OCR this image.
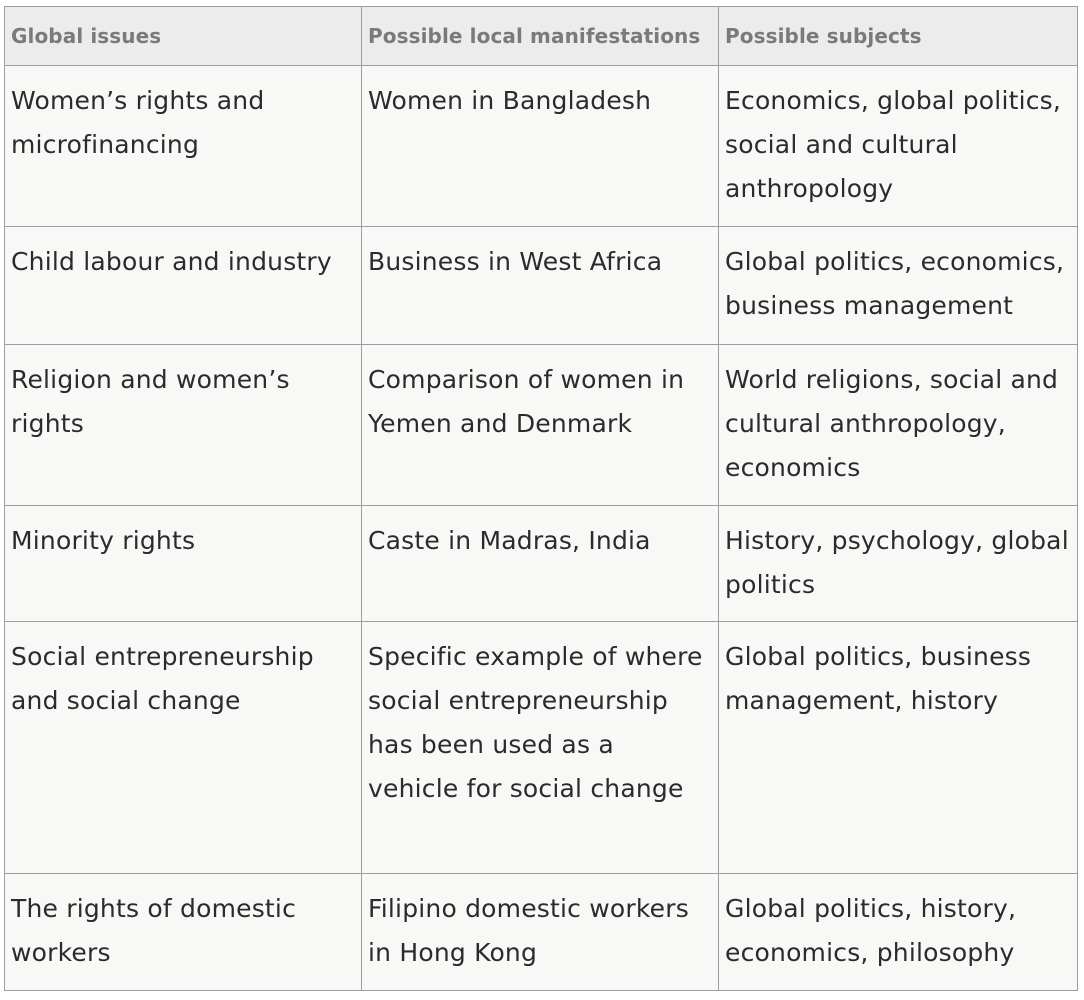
Global issues	Possible local manifestations	Possible subjects
Women’s rights and microfinancing	Women in Bangladesh	Economics, global politics, social and cultural anthropology
Child labour and industry	Business in West Africa	Global politics, economics, business management
Religion and women’s rights	Comparison of women in Yemen and Denmark	World religions, social and cultural anthropology, economics
Minority rights	Caste in Madras, India	History, psychology, global politics
Social entrepreneurship and social change	Specific example of where social entrepreneurship has been used as a vehicle for social change	Global politics, business management, history
The rights of domestic workers	Filipino domestic workers in Hong Kong	Global politics, history, economics, philosophy
